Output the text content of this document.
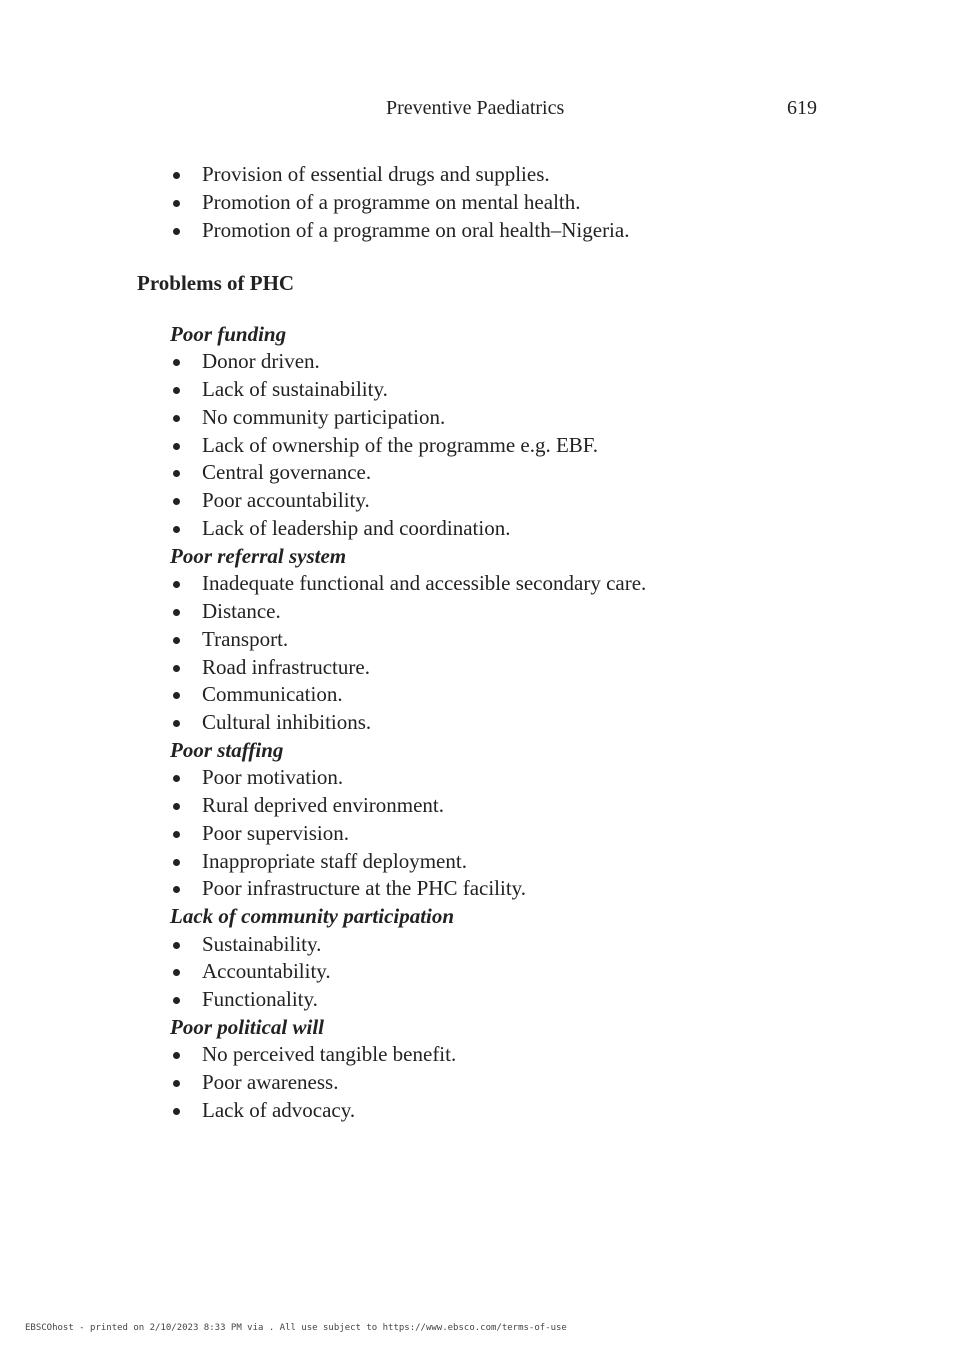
Preventive Paediatrics	619
Provision of essential drugs and supplies.
Promotion of a programme on mental health.
Promotion of a programme on oral health–Nigeria.
Problems of PHC
Poor funding
Donor driven.
Lack of sustainability.
No community participation.
Lack of ownership of the programme e.g. EBF.
Central governance.
Poor accountability.
Lack of leadership and coordination.
Poor referral system
Inadequate functional and accessible secondary care.
Distance.
Transport.
Road infrastructure.
Communication.
Cultural inhibitions.
Poor staffing
Poor motivation.
Rural deprived environment.
Poor supervision.
Inappropriate staff deployment.
Poor infrastructure at the PHC facility.
Lack of community participation
Sustainability.
Accountability.
Functionality.
Poor political will
No perceived tangible benefit.
Poor awareness.
Lack of advocacy.
EBSCOhost - printed on 2/10/2023 8:33 PM via . All use subject to https://www.ebsco.com/terms-of-use
